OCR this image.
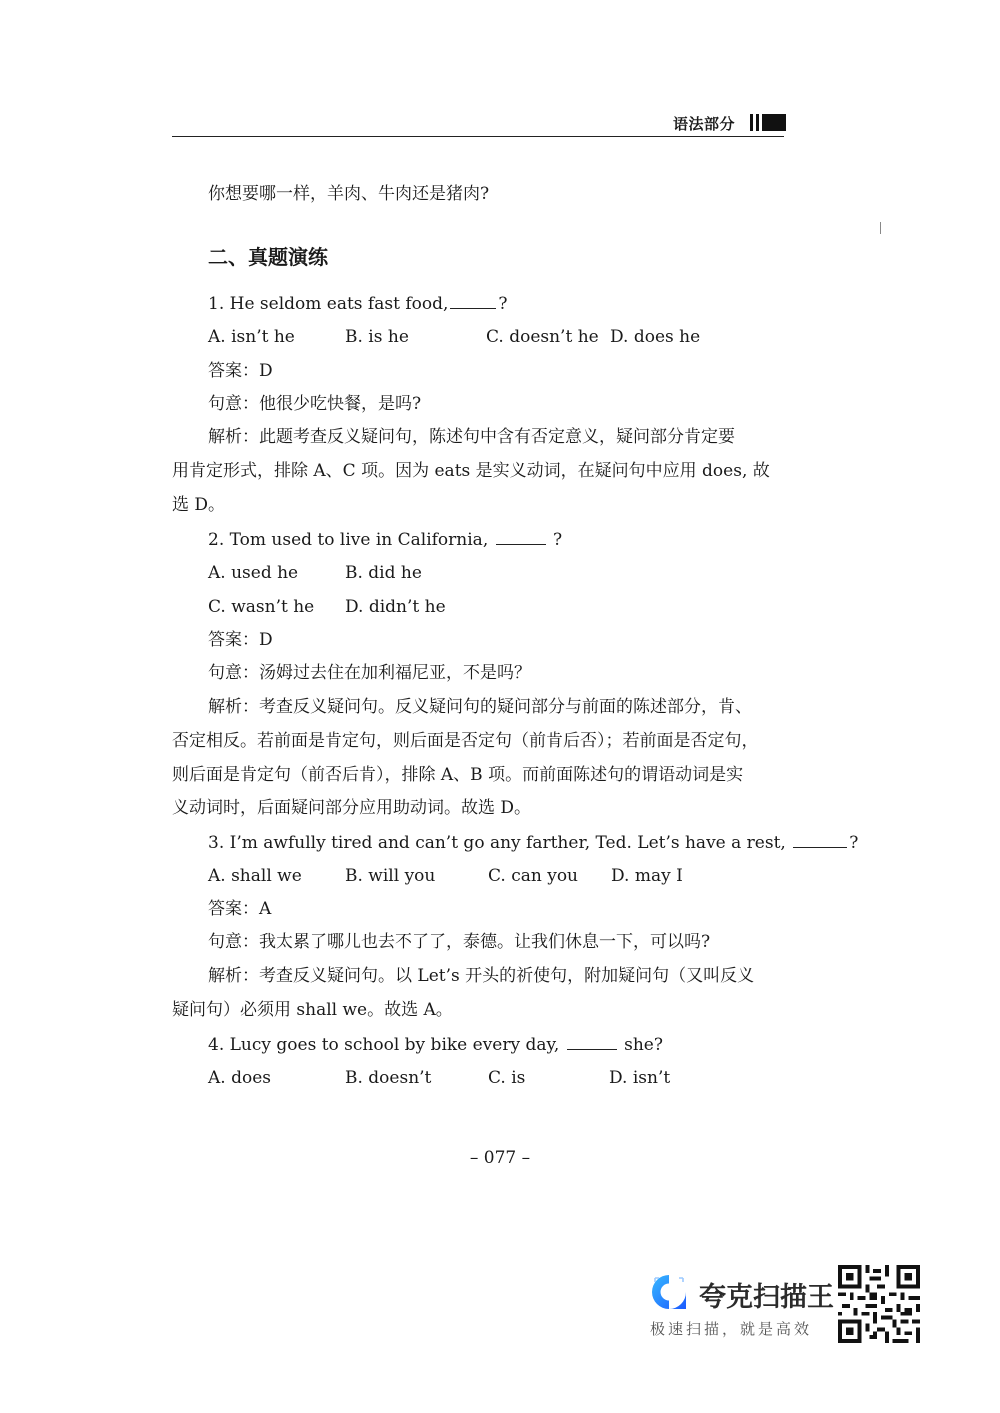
语法部分
你想要哪一样，羊肉、牛肉还是猪肉?
二、真题演练
1. He seldom eats fast food,	?
A. isn’t he	B. is he	C. doesn’t he D. does he
答案：D
句意：他很少吃快餐，是吗?
解析：此题考查反义疑问句，陈述句中含有否定意义，疑问部分肯定要
用肯定形式，排除 A、C 项。因为 eats 是实义动词，在疑问句中应用 does, 故
选 D。
2. Tom used to live in California,	?
A. used he	B. did he
C. wasn’t he D. didn’t he
答案：D
句意：汤姆过去住在加利福尼亚，不是吗？
解析：考查反义疑问句。反义疑问句的疑问部分与前面的陈述部分，肯、
否定相反。若前面是肯定句，则后面是否定句（前肯后否）；若前面是否定句，
则后面是肯定句（前否后肯），排除 A、B 项。而前面陈述句的谓语动词是实
义动词时，后面疑问部分应用助动词。故选 D。
3. I’m awfully tired and can’t go any farther, Ted. Let’s have a rest,	?
A. shall we	B. will you	C. can you D. may I
答案：A
句意：我太累了哪儿也去不了了，泰德。让我们休息一下，可以吗?
解析：考查反义疑问句。以 Let’s 开头的祈使句，附加疑问句（又叫反义
疑问句）必须用 shall we。故选 A。
4. Lucy goes to school by bike every day,	she?
A. does	B. doesn’t	C. is	D. isn’t
– 077 –
夸克扫描王
极速扫描，就是高效
